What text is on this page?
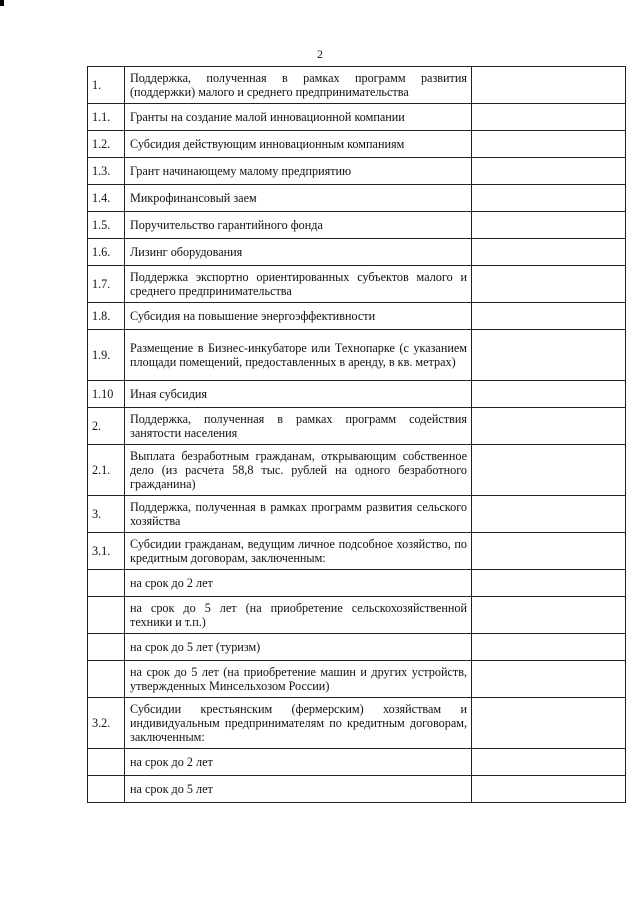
2
1.	Поддержка, полученная в рамках программ развития (поддержки) малого и среднего предпринимательства	
1.1.	Гранты на создание малой инновационной компании	
1.2.	Субсидия действующим инновационным компаниям	
1.3.	Грант начинающему малому предприятию	
1.4.	Микрофинансовый заем	
1.5.	Поручительство гарантийного фонда	
1.6.	Лизинг оборудования	
1.7.	Поддержка экспортно ориентированных субъектов малого и среднего предпринимательства	
1.8.	Субсидия на повышение энергоэффективности	
1.9.	Размещение в Бизнес-инкубаторе или Технопарке (с указанием площади помещений, предоставленных в аренду, в кв. метрах)	
1.10	Иная субсидия	
2.	Поддержка, полученная в рамках программ содействия занятости населения	
2.1.	Выплата безработным гражданам, открывающим собственное дело (из расчета 58,8 тыс. рублей на одного безработного гражданина)	
3.	Поддержка, полученная в рамках программ развития сельского хозяйства	
3.1.	Субсидии гражданам, ведущим личное подсобное хозяйство, по кредитным договорам, заключенным:	
	на срок до 2 лет	
	на срок до 5 лет (на приобретение сельскохозяйственной техники и т.п.)	
	на срок до 5 лет (туризм)	
	на срок до 5 лет (на приобретение машин и других устройств, утвержденных Минсельхозом России)	
3.2.	Субсидии крестьянским (фермерским) хозяйствам и индивидуальным предпринимателям по кредитным договорам, заключенным:	
	на срок до 2 лет	
	на срок до 5 лет	
